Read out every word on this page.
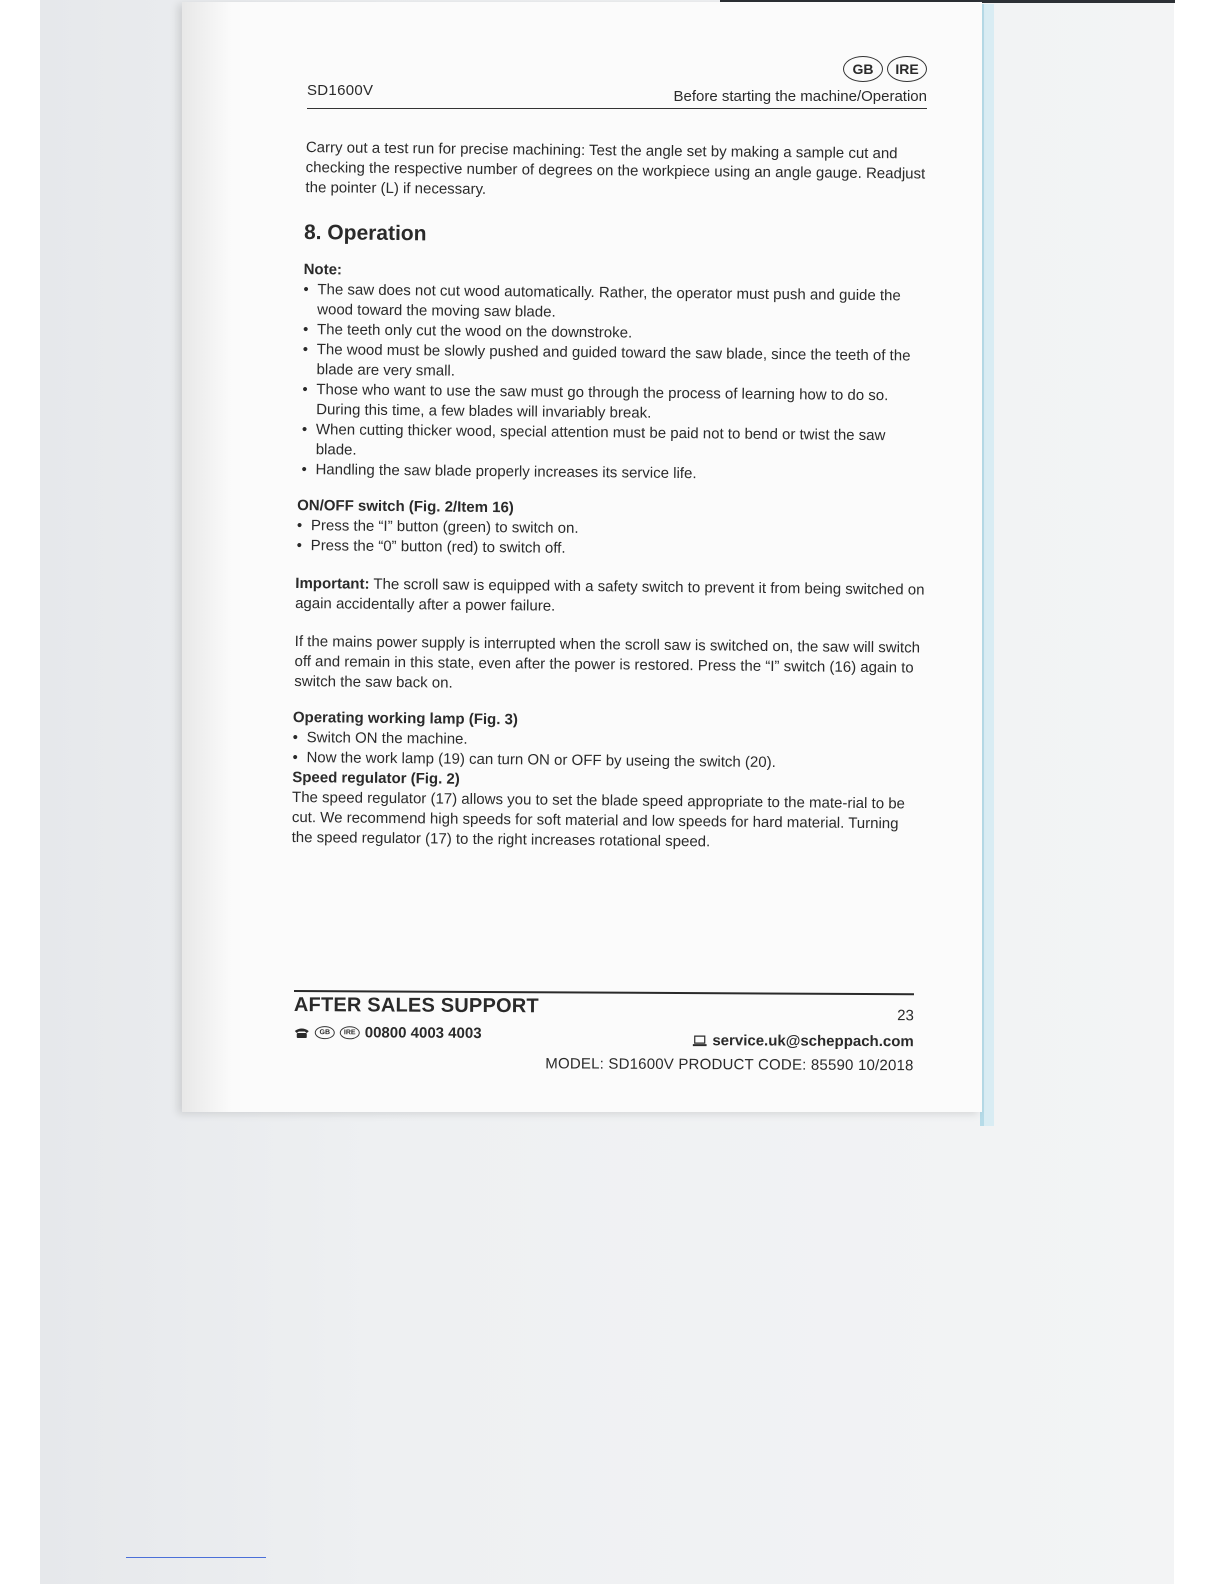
GB	IRE
SD1600V	Before starting the machine/Operation

Carry out a test run for precise machining: Test the angle set by making a sample cut and checking the respective number of degrees on the workpiece using an angle gauge. Readjust the pointer (L) if necessary.

8. Operation
Note:
• The saw does not cut wood automatically. Rather, the operator must push and guide the wood toward the moving saw blade.
• The teeth only cut the wood on the downstroke.
• The wood must be slowly pushed and guided toward the saw blade, since the teeth of the blade are very small.
• Those who want to use the saw must go through the process of learning how to do so. During this time, a few blades will invariably break.
• When cutting thicker wood, special attention must be paid not to bend or twist the saw blade.
• Handling the saw blade properly increases its service life.
ON/OFF switch (Fig. 2/Item 16)
• Press the “I” button (green) to switch on.
• Press the “0” button (red) to switch off.

Important: The scroll saw is equipped with a safety switch to prevent it from being switched on again accidentally after a power failure.

If the mains power supply is interrupted when the scroll saw is switched on, the saw will switch off and remain in this state, even after the power is restored. Press the “I” switch (16) again to switch the saw back on.

Operating working lamp (Fig. 3)
• Switch ON the machine.
• Now the work lamp (19) can turn ON or OFF by useing the switch (20).
Speed regulator (Fig. 2)

The speed regulator (17) allows you to set the blade speed appropriate to the mate-rial to be cut. We recommend high speeds for soft material and low speeds for hard material. Turning the speed regulator (17) to the right increases rotational speed.

AFTER SALES SUPPORT	23
GB	IRE 00800 4003 4003	service.uk@scheppach.com
MODEL: SD1600V PRODUCT CODE: 85590 10/2018
